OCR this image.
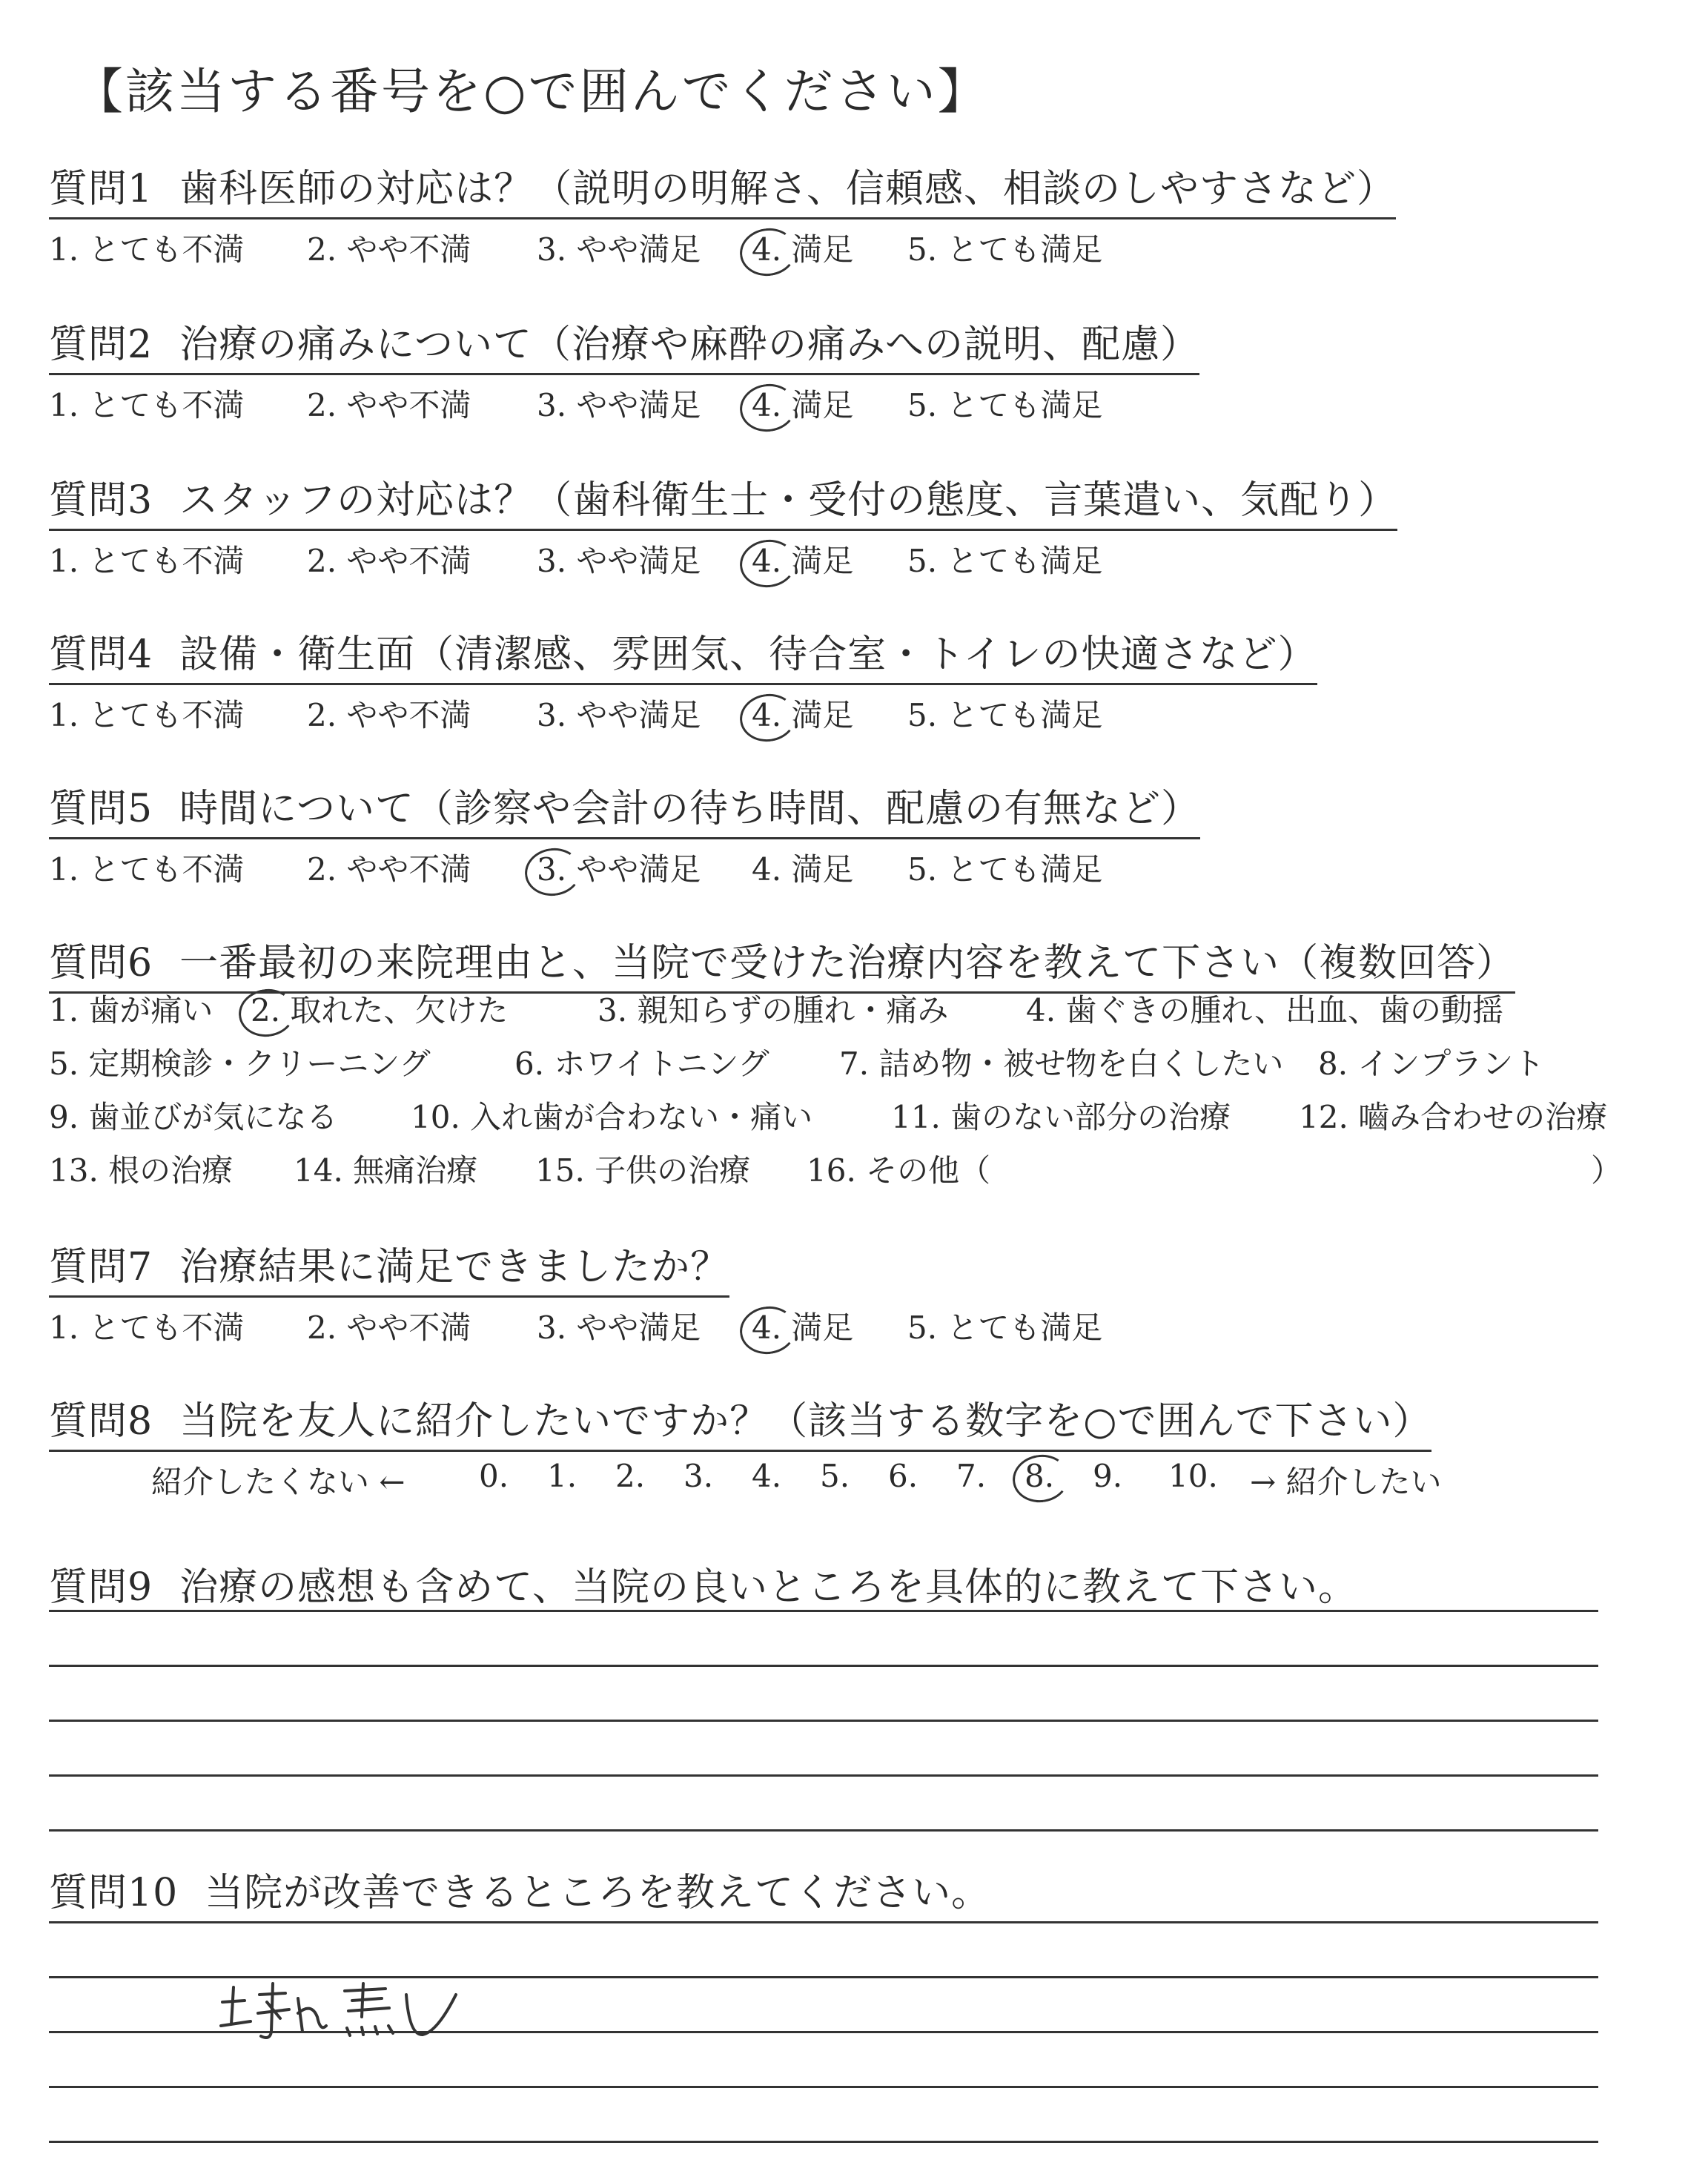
【該当する番号を○で囲んでください】
質問1 歯科医師の対応は？（説明の明解さ、信頼感、相談のしやすさなど）
1. とても不満 2. やや不満 3. やや満足 4. 満足 5. とても満足
質問2 治療の痛みについて（治療や麻酔の痛みへの説明、配慮）
1. とても不満 2. やや不満 3. やや満足 4. 満足 5. とても満足
質問3 スタッフの対応は？（歯科衛生士・受付の態度、言葉遣い、気配り）
1. とても不満 2. やや不満 3. やや満足 4. 満足 5. とても満足
質問4 設備・衛生面（清潔感、雰囲気、待合室・トイレの快適さなど）
1. とても不満 2. やや不満 3. やや満足 4. 満足 5. とても満足
質問5 時間について（診察や会計の待ち時間、配慮の有無など）
1. とても不満 2. やや不満 3. やや満足 4. 満足 5. とても満足
質問6 一番最初の来院理由と、当院で受けた治療内容を教えて下さい（複数回答）
1. 歯が痛い 2. 取れた、欠けた	3. 親知らずの腫れ・痛み 4. 歯ぐきの腫れ、出血、歯の動揺
5. 定期検診・クリーニング	6. ホワイトニング 7. 詰め物・被せ物を白くしたい 8. インプラント
9. 歯並びが気になる 10. 入れ歯が合わない・痛い	11. 歯のない部分の治療 12. 嚙み合わせの治療
13. 根の治療 14. 無痛治療 15. 子供の治療 16. その他（	）
質問7 治療結果に満足できましたか？
1. とても不満 2. やや不満 3. やや満足 4. 満足 5. とても満足
質問8 当院を友人に紹介したいですか？（該当する数字を○で囲んで下さい）
紹介したくない ←	→ 紹介したい
0. 1. 2. 3. 4. 5. 6. 7. 8. 9. 10.
質問9 治療の感想も含めて、当院の良いところを具体的に教えて下さい。
質問10 当院が改善できるところを教えてください。
